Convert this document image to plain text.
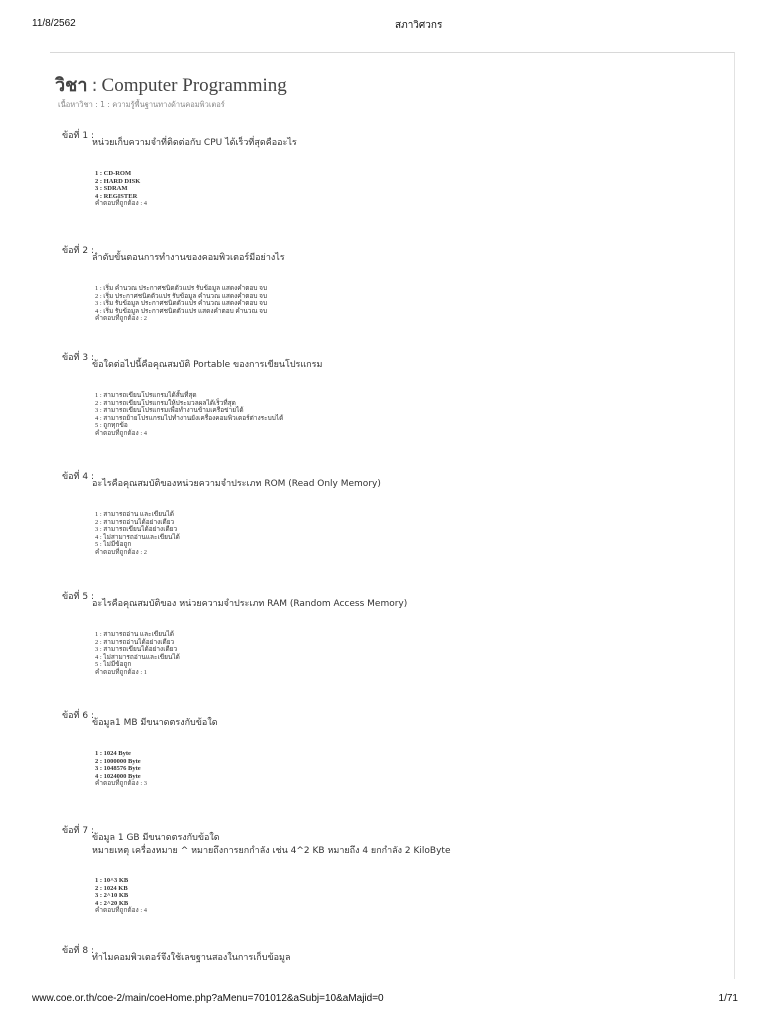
11/8/2562	สภาวิศวกร
วิชา : Computer Programming
เนื้อหาวิชา : 1 : ความรู้พื้นฐานทางด้านคอมพิวเตอร์
ข้อที่ 1 :
หน่วยเก็บความจำที่ติดต่อกับ CPU ได้เร็วที่สุดคืออะไร
1 : CD-ROM
2 : HARD DISK
3 : SDRAM
4 : REGISTER
คำตอบที่ถูกต้อง : 4
ข้อที่ 2 :
ลำดับขั้นตอนการทำงานของคอมพิวเตอร์มีอย่างไร
1 : เริ่ม คำนวณ ประกาศชนิดตัวแปร รับข้อมูล แสดงคำตอบ จบ
2 : เริ่ม ประกาศชนิดตัวแปร รับข้อมูล คำนวณ แสดงคำตอบ จบ
3 : เริ่ม รับข้อมูล ประกาศชนิดตัวแปร คำนวณ แสดงคำตอบ จบ
4 : เริ่ม รับข้อมูล ประกาศชนิดตัวแปร แสดงคำตอบ คำนวณ จบ
คำตอบที่ถูกต้อง : 2
ข้อที่ 3 :
ข้อใดต่อไปนี้คือคุณสมบัติ Portable ของการเขียนโปรแกรม
1 : สามารถเขียนโปรแกรมได้สั้นที่สุด
2 : สามารถเขียนโปรแกรมให้ประมวลผลได้เร็วที่สุด
3 : สามารถเขียนโปรแกรมเพื่อทำงานข้ามเครือข่ายได้
4 : สามารถย้ายโปรแกรมไปทำงานยังเครื่องคอมพิวเตอร์ต่างระบบได้
5 : ถูกทุกข้อ
คำตอบที่ถูกต้อง : 4
ข้อที่ 4 :
อะไรคือคุณสมบัติของหน่วยความจำประเภท ROM (Read Only Memory)
1 : สามารถอ่าน และเขียนได้
2 : สามารถอ่านได้อย่างเดียว
3 : สามารถเขียนได้อย่างเดียว
4 : ไม่สามารถอ่านและเขียนได้
5 : ไม่มีข้อถูก
คำตอบที่ถูกต้อง : 2
ข้อที่ 5 :
อะไรคือคุณสมบัติของ หน่วยความจำประเภท RAM (Random Access Memory)
1 : สามารถอ่าน และเขียนได้
2 : สามารถอ่านได้อย่างเดียว
3 : สามารถเขียนได้อย่างเดียว
4 : ไม่สามารถอ่านและเขียนได้
5 : ไม่มีข้อถูก
คำตอบที่ถูกต้อง : 1
ข้อที่ 6 :
ข้อมูล1 MB มีขนาดตรงกับข้อใด
1 : 1024 Byte
2 : 1000000 Byte
3 : 1048576 Byte
4 : 1024000 Byte
คำตอบที่ถูกต้อง : 3
ข้อที่ 7 :
ข้อมูล 1 GB มีขนาดตรงกับข้อใด
หมายเหตุ เครื่องหมาย ^ หมายถึงการยกกำลัง เช่น 4^2 KB หมายถึง 4 ยกกำลัง 2 KiloByte
1 : 10^3 KB
2 : 1024 KB
3 : 2^10 KB
4 : 2^20 KB
คำตอบที่ถูกต้อง : 4
ข้อที่ 8 :
ทำไมคอมพิวเตอร์จึงใช้เลขฐานสองในการเก็บข้อมูล
www.coe.or.th/coe-2/main/coeHome.php?aMenu=701012&aSubj=10&aMajid=0	1/71
